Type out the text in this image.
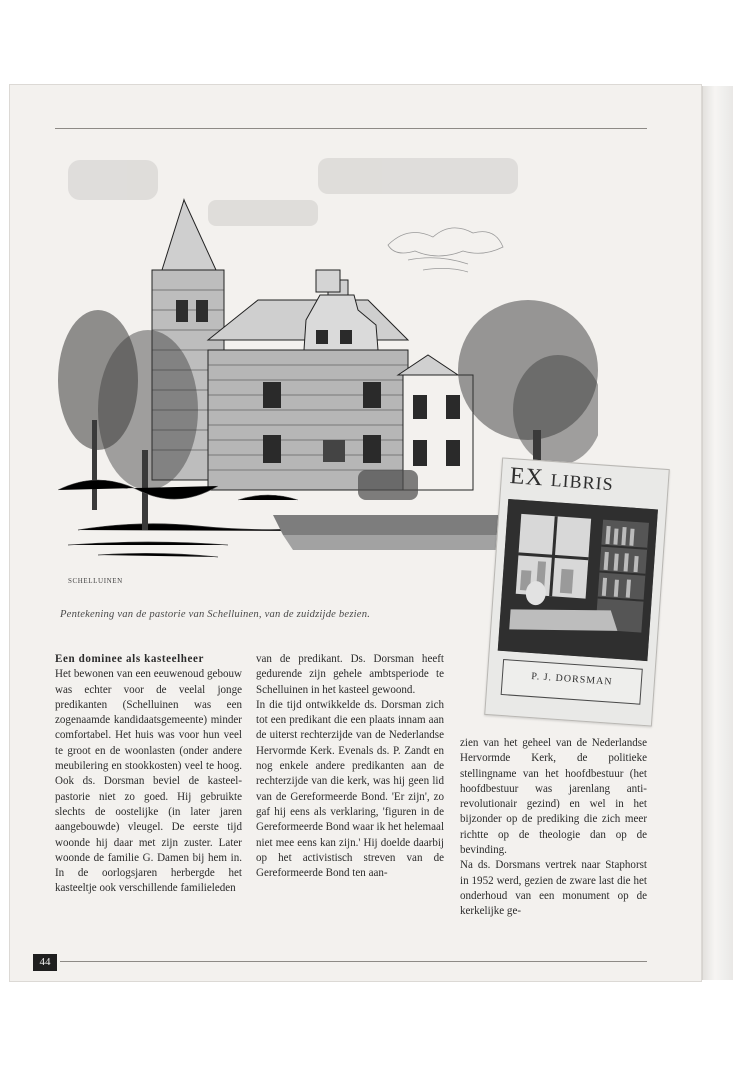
SCHELLUINEN
Pentekening van de pastorie van Schelluinen, van de zuidzijde bezien.
EX LIBRIS
P. J. DORSMAN

Een dominee als kasteelheer

Het bewonen van een eeuwenoud gebouw was echter voor de veelal jonge predikanten (Schelluinen was een zogenaamde kandidaatsgemeente) minder comfortabel. Het huis was voor hun veel te groot en de woonlasten (onder andere meubilering en stookkosten) veel te hoog. Ook ds. Dorsman beviel de kasteel-pastorie niet zo goed. Hij gebruikte slechts de oostelijke (in later jaren aangebouwde) vleugel. De eerste tijd woonde hij daar met zijn zuster. Later woonde de familie G. Damen bij hem in. In de oorlogsjaren herbergde het kasteeltje ook verschillende familieleden

van de predikant. Ds. Dorsman heeft gedurende zijn gehele ambtsperiode te Schelluinen in het kasteel gewoond.

In die tijd ontwikkelde ds. Dorsman zich tot een predikant die een plaats innam aan de uiterst rechterzijde van de Nederlandse Hervormde Kerk. Evenals ds. P. Zandt en nog enkele andere predikanten aan de rechterzijde van die kerk, was hij geen lid van de Gereformeerde Bond. 'Er zijn', zo gaf hij eens als verklaring, 'figuren in de Gereformeerde Bond waar ik het helemaal niet mee eens kan zijn.' Hij doelde daarbij op het activistisch streven van de Gereformeerde Bond ten aan-

zien van het geheel van de Nederlandse Hervormde Kerk, de politieke stellingname van het hoofdbestuur (het hoofdbestuur was jarenlang anti-revolutionair gezind) en wel in het bijzonder op de prediking die zich meer richtte op de theologie dan op de bevinding.

Na ds. Dorsmans vertrek naar Staphorst in 1952 werd, gezien de zware last die het onderhoud van een monument op de kerkelijke ge-

44
